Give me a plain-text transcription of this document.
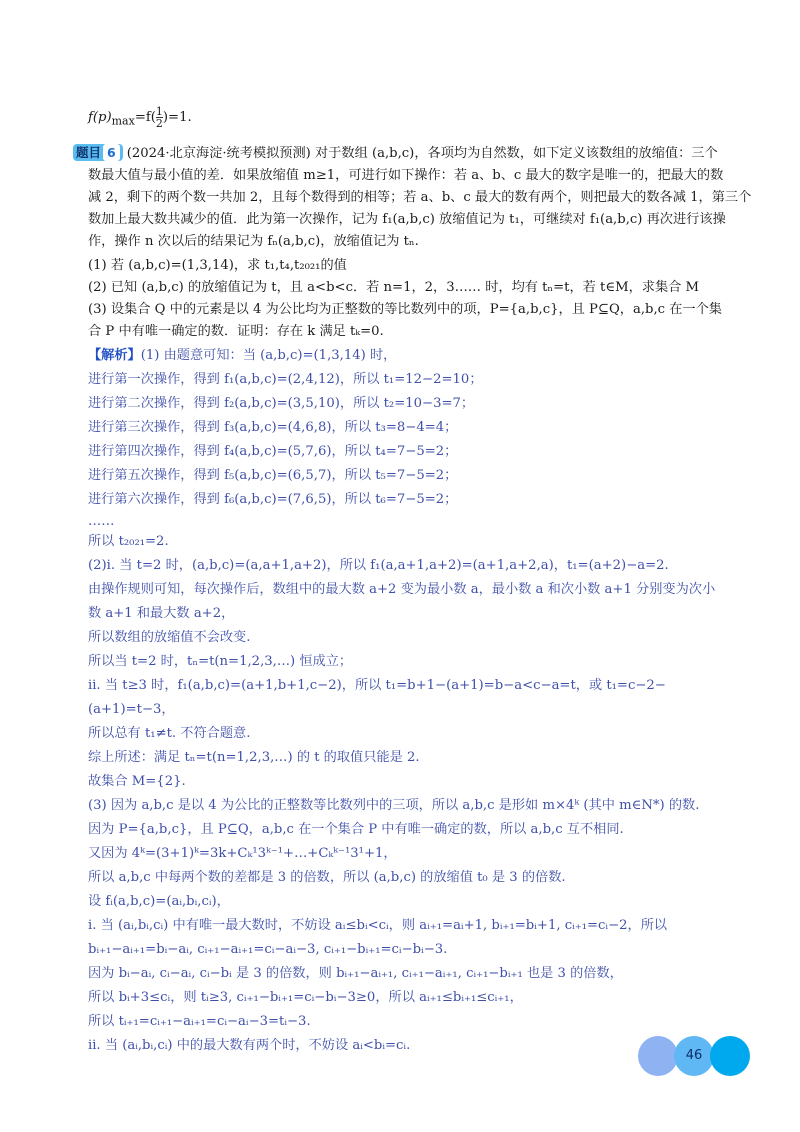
$f(p)_{max}=f( \frac{1}{2} )=1$.
题目 6 (2024·北京海淀·统考模拟预测) 对于数组 (a,b,c)，各项均为自然数，如下定义该数组的放缩值：三个
数最大值与最小值的差．如果放缩值 m≥1，可进行如下操作：若 a、b、c 最大的数字是唯一的，把最大的数
减 2，剩下的两个数一共加 2，且每个数得到的相等；若 a、b、c 最大的数有两个，则把最大的数各减 1，第三个
数加上最大数共减少的值．此为第一次操作，记为 f₁(a,b,c) 放缩值记为 t₁，可继续对 f₁(a,b,c) 再次进行该操
作，操作 n 次以后的结果记为 fₙ(a,b,c)，放缩值记为 tₙ.
(1) 若 (a,b,c)=(1,3,14)，求 t₁,t₄,t₂₀₂₁的值
(2) 已知 (a,b,c) 的放缩值记为 t，且 a<b<c．若 n=1，2，3…… 时，均有 tₙ=t，若 t∈M，求集合 M
(3) 设集合 Q 中的元素是以 4 为公比均为正整数的等比数列中的项，P={a,b,c}，且 P⊆Q，a,b,c 在一个集
合 P 中有唯一确定的数．证明：存在 k 满足 tₖ=0.
【解析】(1) 由题意可知：当 (a,b,c)=(1,3,14) 时，
进行第一次操作，得到 f₁(a,b,c)=(2,4,12)，所以 t₁=12−2=10；
进行第二次操作，得到 f₂(a,b,c)=(3,5,10)，所以 t₂=10−3=7；
进行第三次操作，得到 f₃(a,b,c)=(4,6,8)，所以 t₃=8−4=4；
进行第四次操作，得到 f₄(a,b,c)=(5,7,6)，所以 t₄=7−5=2；
进行第五次操作，得到 f₅(a,b,c)=(6,5,7)，所以 t₅=7−5=2；
进行第六次操作，得到 f₆(a,b,c)=(7,6,5)，所以 t₆=7−5=2；
……
所以 t₂₀₂₁=2.
(2)i. 当 t=2 时，(a,b,c)=(a,a+1,a+2)，所以 f₁(a,a+1,a+2)=(a+1,a+2,a)，t₁=(a+2)−a=2.
由操作规则可知，每次操作后，数组中的最大数 a+2 变为最小数 a，最小数 a 和次小数 a+1 分别变为次小
数 a+1 和最大数 a+2，
所以数组的放缩值不会改变.
所以当 t=2 时，tₙ=t(n=1,2,3,…) 恒成立；
ii. 当 t≥3 时，f₁(a,b,c)=(a+1,b+1,c−2)，所以 t₁=b+1−(a+1)=b−a<c−a=t，或 t₁=c−2−
(a+1)=t−3，
所以总有 t₁≠t. 不符合题意.
综上所述：满足 tₙ=t(n=1,2,3,…) 的 t 的取值只能是 2.
故集合 M={2}.
(3) 因为 a,b,c 是以 4 为公比的正整数等比数列中的三项，所以 a,b,c 是形如 m×4ᵏ (其中 m∈N*) 的数.
因为 P={a,b,c}，且 P⊆Q，a,b,c 在一个集合 P 中有唯一确定的数，所以 a,b,c 互不相同.
又因为 4ᵏ=(3+1)ᵏ=3k+Cₖ¹3ᵏ⁻¹+…+Cₖᵏ⁻¹3¹+1，
所以 a,b,c 中每两个数的差都是 3 的倍数，所以 (a,b,c) 的放缩值 t₀ 是 3 的倍数.
设 fᵢ(a,b,c)=(aᵢ,bᵢ,cᵢ)，
i. 当 (aᵢ,bᵢ,cᵢ) 中有唯一最大数时，不妨设 aᵢ≤bᵢ<cᵢ，则 aᵢ₊₁=aᵢ+1, bᵢ₊₁=bᵢ+1, cᵢ₊₁=cᵢ−2，所以
bᵢ₊₁−aᵢ₊₁=bᵢ−aᵢ, cᵢ₊₁−aᵢ₊₁=cᵢ−aᵢ−3, cᵢ₊₁−bᵢ₊₁=cᵢ−bᵢ−3.
因为 bᵢ−aᵢ, cᵢ−aᵢ, cᵢ−bᵢ 是 3 的倍数，则 bᵢ₊₁−aᵢ₊₁, cᵢ₊₁−aᵢ₊₁, cᵢ₊₁−bᵢ₊₁ 也是 3 的倍数，
所以 bᵢ+3≤cᵢ，则 tᵢ≥3, cᵢ₊₁−bᵢ₊₁=cᵢ−bᵢ−3≥0，所以 aᵢ₊₁≤bᵢ₊₁≤cᵢ₊₁，
所以 tᵢ₊₁=cᵢ₊₁−aᵢ₊₁=cᵢ−aᵢ−3=tᵢ−3.
ii. 当 (aᵢ,bᵢ,cᵢ) 中的最大数有两个时，不妨设 aᵢ<bᵢ=cᵢ.
46
